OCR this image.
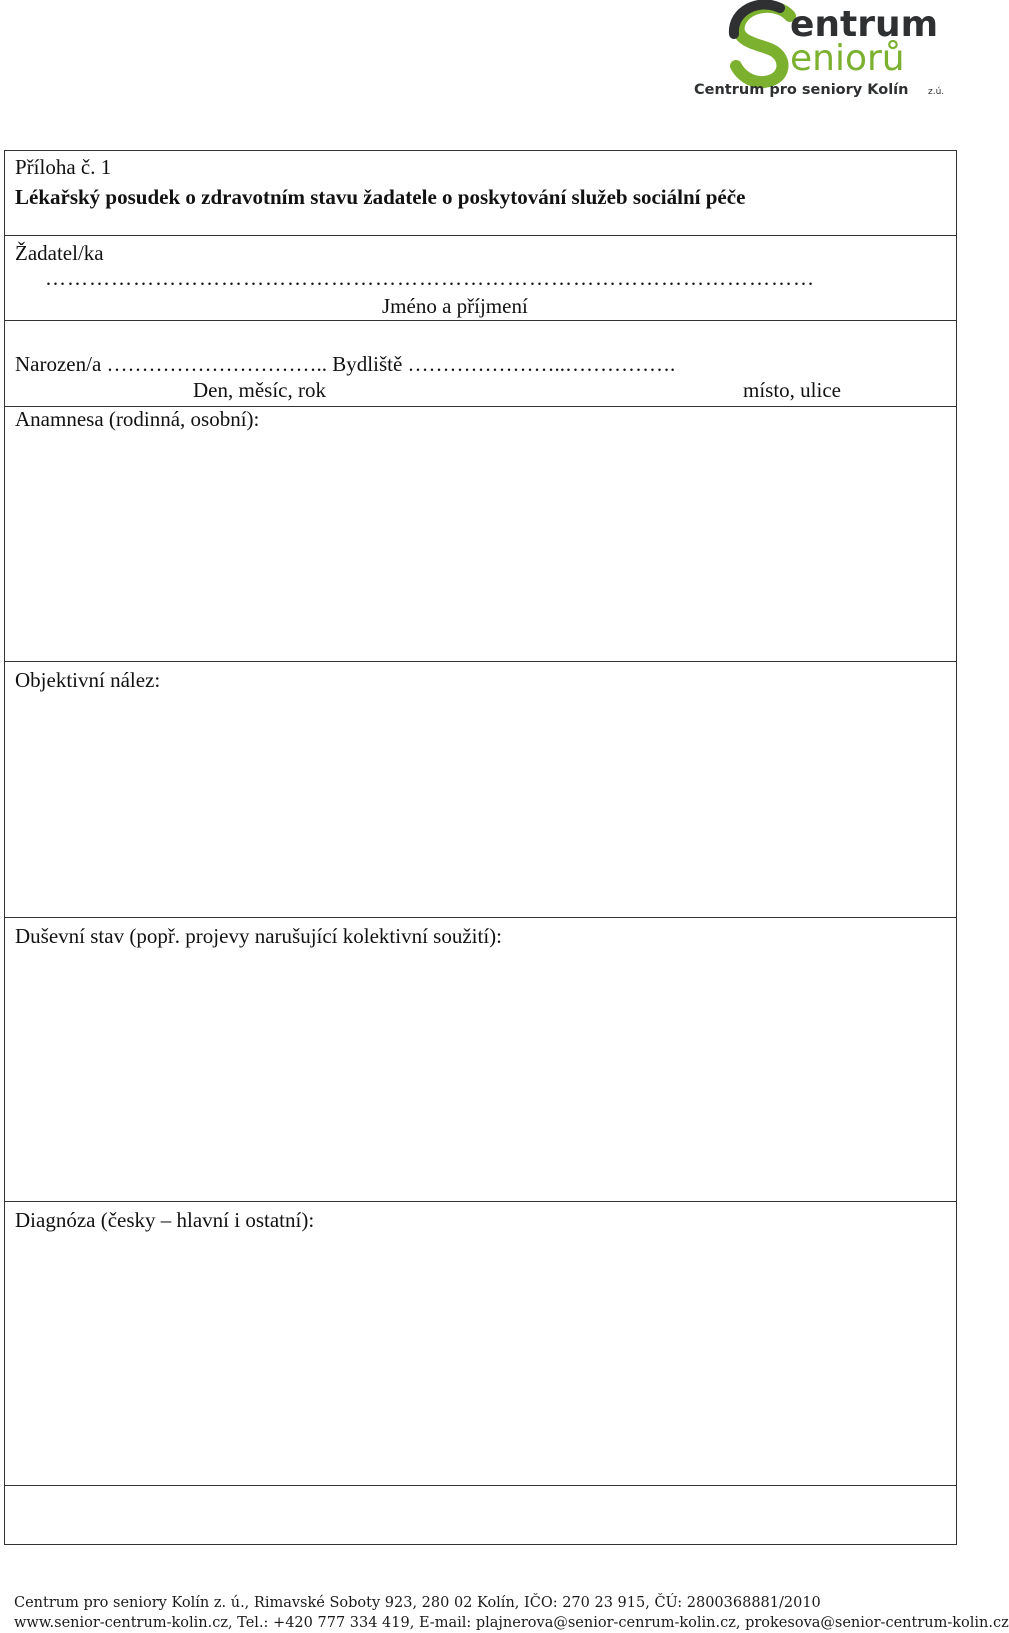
entrum
eniorů
Centrum pro seniory Kolín z.ú.
Příloha č. 1
Lékařský posudek o zdravotním stavu žadatele o poskytování služeb sociální péče
Žadatel/ka
……………………………………………………………………………………………
Jméno a příjmení
Narozen/a ………………………….. Bydliště …………………..…………….
Den, měsíc, rok	místo, ulice
Anamnesa (rodinná, osobní):
Objektivní nález:
Duševní stav (popř. projevy narušující kolektivní soužití):
Diagnóza (česky – hlavní i ostatní):
Centrum pro seniory Kolín z. ú., Rimavské Soboty 923, 280 02 Kolín, IČO: 270 23 915, ČÚ: 2800368881/2010
www.senior-centrum-kolin.cz, Tel.: +420 777 334 419, E-mail: plajnerova@senior-cenrum-kolin.cz, prokesova@senior-centrum-kolin.cz
